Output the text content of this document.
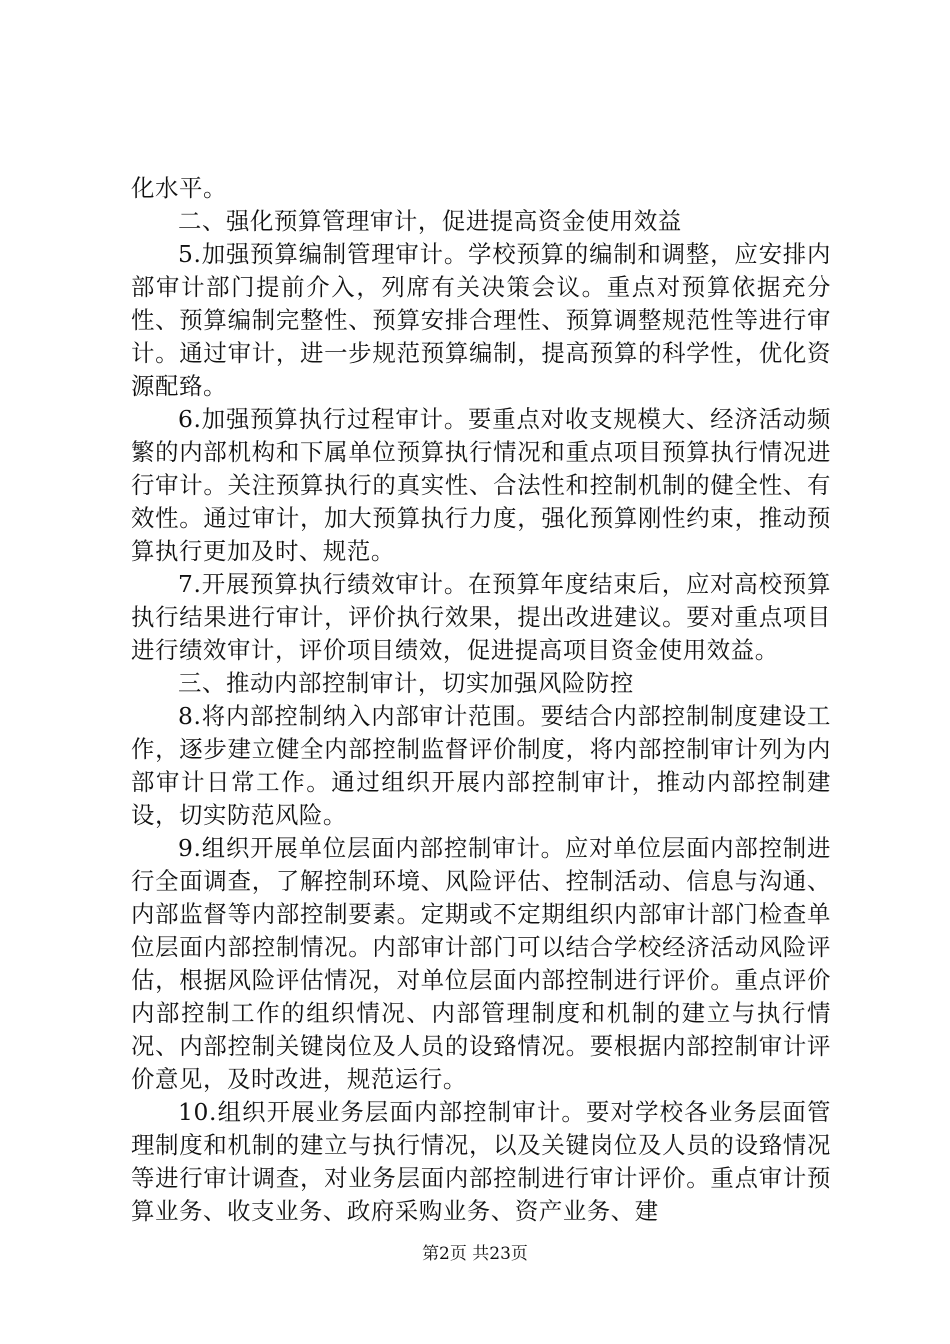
化水平。

二、强化预算管理审计，促进提高资金使用效益

5.加强预算编制管理审计。学校预算的编制和调整，应安排内部审计部门提前介入，列席有关决策会议。重点对预算依据充分性、预算编制完整性、预算安排合理性、预算调整规范性等进行审计。通过审计，进一步规范预算编制，提高预算的科学性，优化资源配臵。

6.加强预算执行过程审计。要重点对收支规模大、经济活动频繁的内部机构和下属单位预算执行情况和重点项目预算执行情况进行审计。关注预算执行的真实性、合法性和控制机制的健全性、有效性。通过审计，加大预算执行力度，强化预算刚性约束，推动预算执行更加及时、规范。

7.开展预算执行绩效审计。在预算年度结束后，应对高校预算执行结果进行审计，评价执行效果，提出改进建议。要对重点项目进行绩效审计，评价项目绩效，促进提高项目资金使用效益。

三、推动内部控制审计，切实加强风险防控

8.将内部控制纳入内部审计范围。要结合内部控制制度建设工作，逐步建立健全内部控制监督评价制度，将内部控制审计列为内部审计日常工作。通过组织开展内部控制审计，推动内部控制建设，切实防范风险。

9.组织开展单位层面内部控制审计。应对单位层面内部控制进行全面调查，了解控制环境、风险评估、控制活动、信息与沟通、内部监督等内部控制要素。定期或不定期组织内部审计部门检查单位层面内部控制情况。内部审计部门可以结合学校经济活动风险评估，根据风险评估情况，对单位层面内部控制进行评价。重点评价内部控制工作的组织情况、内部管理制度和机制的建立与执行情况、内部控制关键岗位及人员的设臵情况。要根据内部控制审计评价意见，及时改进，规范运行。

10.组织开展业务层面内部控制审计。要对学校各业务层面管理制度和机制的建立与执行情况，以及关键岗位及人员的设臵情况等进行审计调查，对业务层面内部控制进行审计评价。重点审计预算业务、收支业务、政府采购业务、资产业务、建

第2页 共23页
